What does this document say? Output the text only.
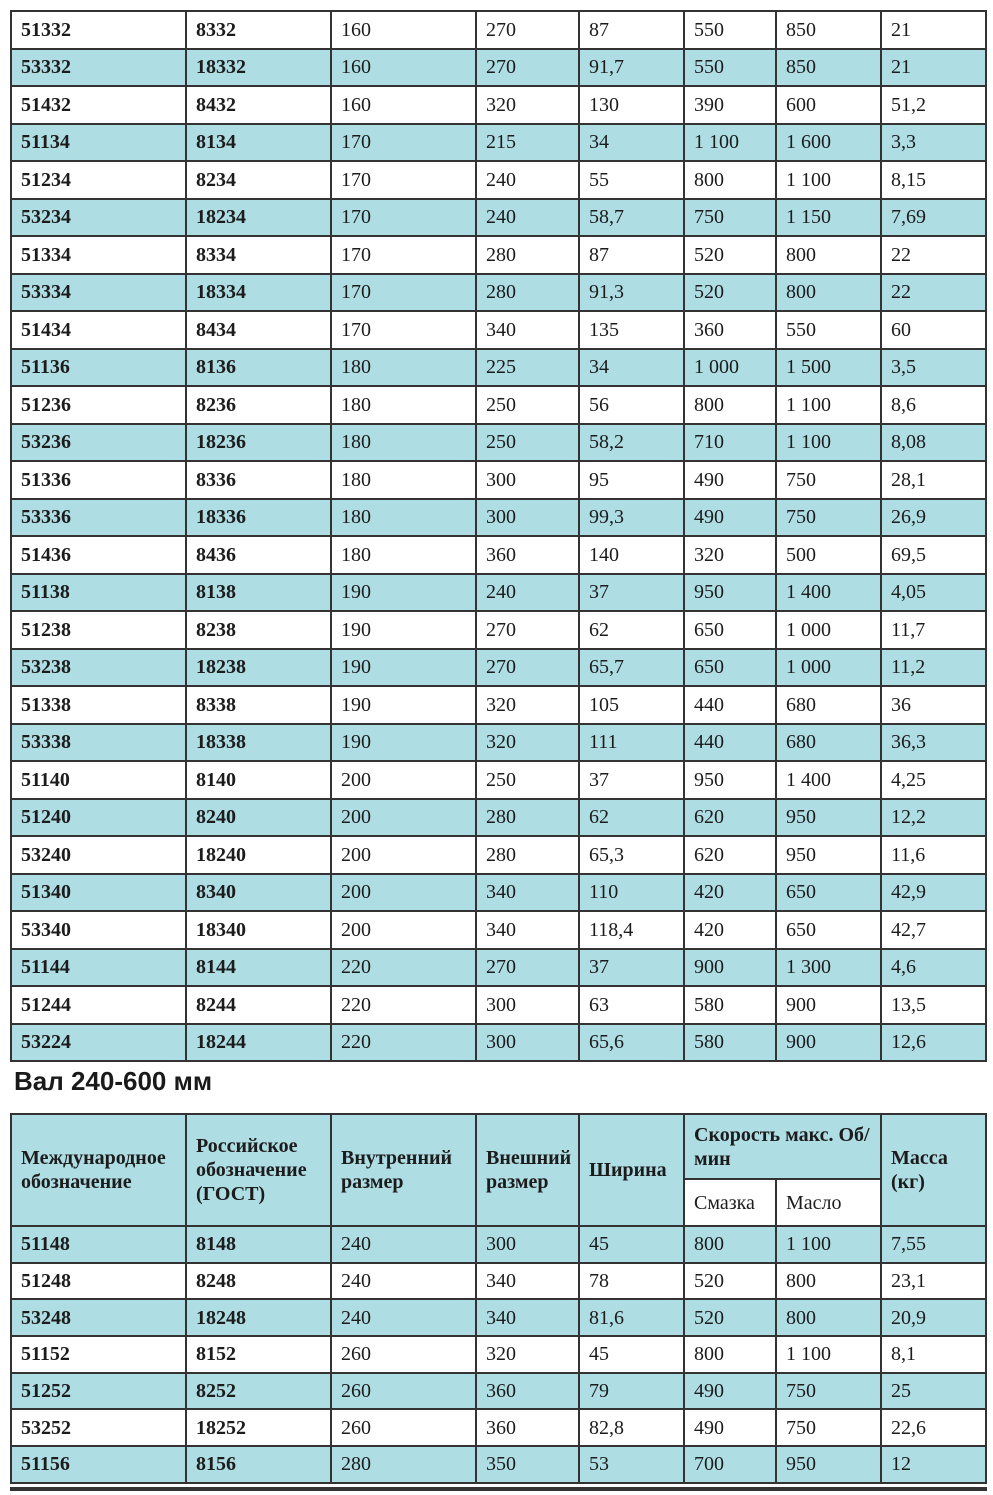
51332	8332	160	270	87	550	850	21
53332	18332	160	270	91,7	550	850	21
51432	8432	160	320	130	390	600	51,2
51134	8134	170	215	34	1 100	1 600	3,3
51234	8234	170	240	55	800	1 100	8,15
53234	18234	170	240	58,7	750	1 150	7,69
51334	8334	170	280	87	520	800	22
53334	18334	170	280	91,3	520	800	22
51434	8434	170	340	135	360	550	60
51136	8136	180	225	34	1 000	1 500	3,5
51236	8236	180	250	56	800	1 100	8,6
53236	18236	180	250	58,2	710	1 100	8,08
51336	8336	180	300	95	490	750	28,1
53336	18336	180	300	99,3	490	750	26,9
51436	8436	180	360	140	320	500	69,5
51138	8138	190	240	37	950	1 400	4,05
51238	8238	190	270	62	650	1 000	11,7
53238	18238	190	270	65,7	650	1 000	11,2
51338	8338	190	320	105	440	680	36
53338	18338	190	320	111	440	680	36,3
51140	8140	200	250	37	950	1 400	4,25
51240	8240	200	280	62	620	950	12,2
53240	18240	200	280	65,3	620	950	11,6
51340	8340	200	340	110	420	650	42,9
53340	18340	200	340	118,4	420	650	42,7
51144	8144	220	270	37	900	1 300	4,6
51244	8244	220	300	63	580	900	13,5
53224	18244	220	300	65,6	580	900	12,6
Вал 240-600 мм
Международное обозначение	Российское обозначение (ГОСТ)	Внутренний размер	Внешний размер	Ширина	Скорость макс. Об/мин		Масса (кг)
					Смазка	Масло	
51148	8148	240	300	45	800	1 100	7,55
51248	8248	240	340	78	520	800	23,1
53248	18248	240	340	81,6	520	800	20,9
51152	8152	260	320	45	800	1 100	8,1
51252	8252	260	360	79	490	750	25
53252	18252	260	360	82,8	490	750	22,6
51156	8156	280	350	53	700	950	12
